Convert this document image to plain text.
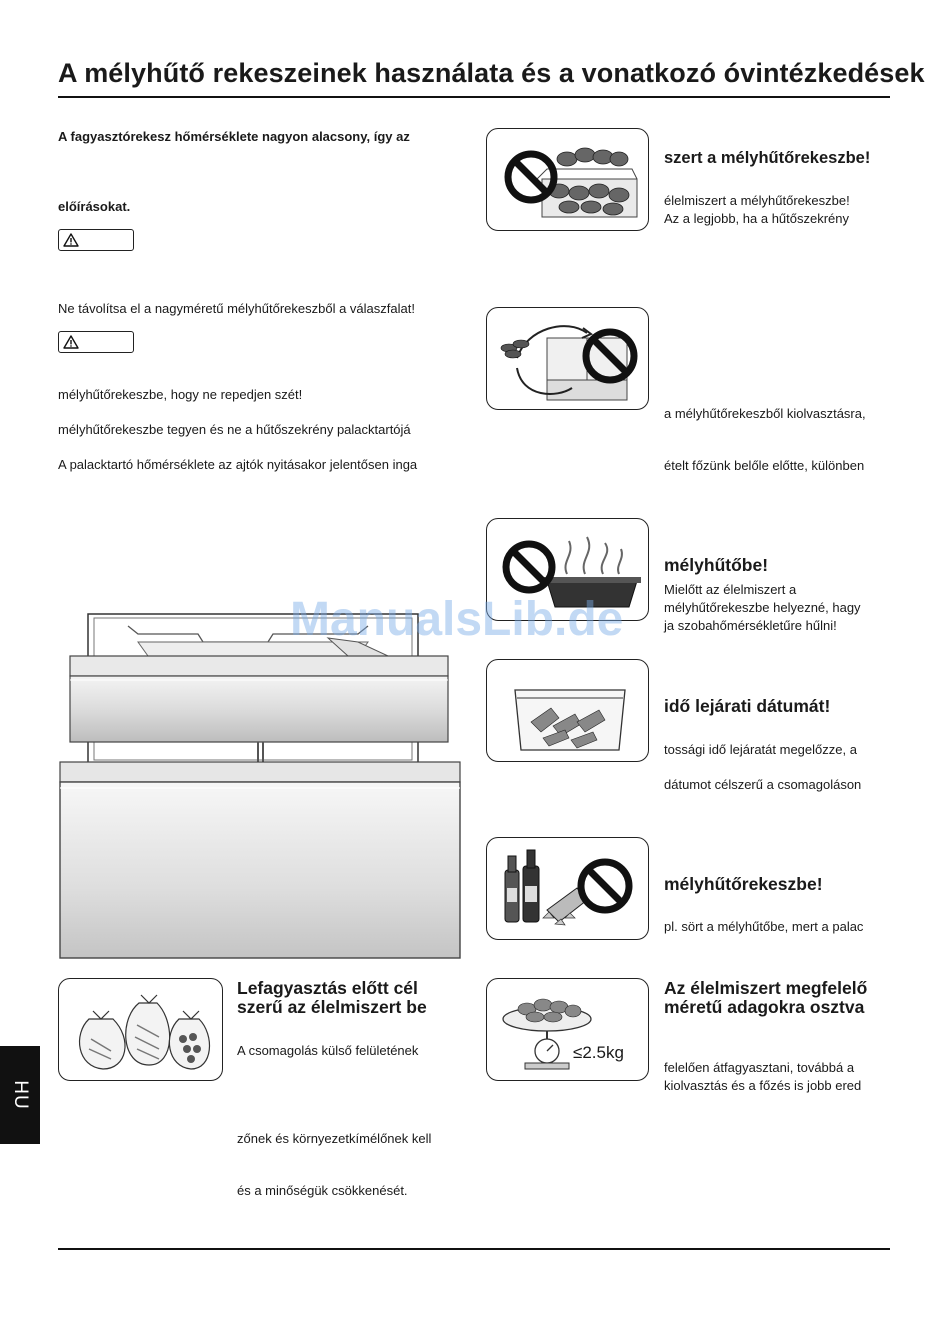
A mélyhűtő rekeszeinek használata és a vonatkozó óvintézkedések
A fagyasztórekesz hőmérséklete nagyon alacsony, így az
előírásokat.
Ne távolítsa el a nagyméretű mélyhűtőrekeszből a válaszfalat!
mélyhűtőrekeszbe, hogy ne repedjen szét!
mélyhűtőrekeszbe tegyen és ne a hűtőszekrény palacktartójá
A palacktartó hőmérséklete az ajtók nyitásakor jelentősen inga
szert a mélyhűtőrekeszbe!
élelmiszert a mélyhűtőrekeszbe!
Az a legjobb, ha a hűtőszekrény
a mélyhűtőrekeszből kiolvasztásra,
ételt főzünk belőle előtte, különben
mélyhűtőbe!
Mielőtt az élelmiszert a
mélyhűtőrekeszbe helyezné, hagy
ja szobahőmérsékletűre hűlni!
idő lejárati dátumát!
tossági idő lejáratát megelőzze, a
dátumot célszerű a csomagoláson
mélyhűtőrekeszbe!
pl. sört a mélyhűtőbe, mert a palac
Lefagyasztás előtt cél
szerű az élelmiszert be
A csomagolás külső felületének
zőnek és környezetkímélőnek kell
és a minőségük csökkenését.
≤2.5kg
Az élelmiszert megfelelő
méretű adagokra osztva
felelően átfagyasztani, továbbá a
kiolvasztás és a főzés is jobb ered
ManualsLib.de
HU
